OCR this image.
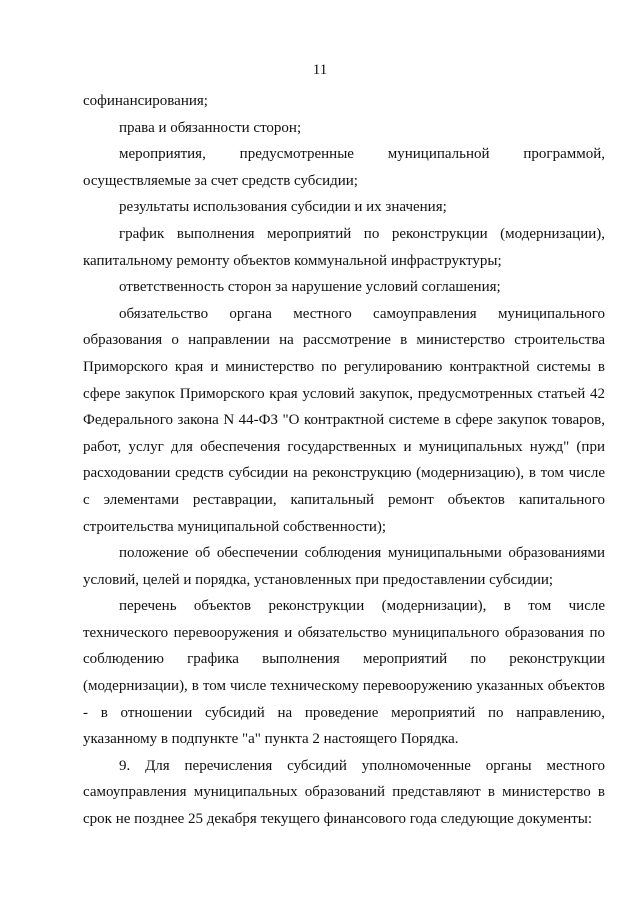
11

софинансирования;

права и обязанности сторон;

мероприятия, предусмотренные муниципальной программой, осуществляемые за счет средств субсидии;

результаты использования субсидии и их значения;

график выполнения мероприятий по реконструкции (модернизации), капитальному ремонту объектов коммунальной инфраструктуры;

ответственность сторон за нарушение условий соглашения;

обязательство органа местного самоуправления муниципального образования о направлении на рассмотрение в министерство строительства Приморского края и министерство по регулированию контрактной системы в сфере закупок Приморского края условий закупок, предусмотренных статьей 42 Федерального закона N 44-ФЗ "О контрактной системе в сфере закупок товаров, работ, услуг для обеспечения государственных и муниципальных нужд" (при расходовании средств субсидии на реконструкцию (модернизацию), в том числе с элементами реставрации, капитальный ремонт объектов капитального строительства муниципальной собственности);

положение об обеспечении соблюдения муниципальными образованиями условий, целей и порядка, установленных при предоставлении субсидии;

перечень объектов реконструкции (модернизации), в том числе технического перевооружения и обязательство муниципального образования по соблюдению графика выполнения мероприятий по реконструкции (модернизации), в том числе техническому перевооружению указанных объектов - в отношении субсидий на проведение мероприятий по направлению, указанному в подпункте "а" пункта 2 настоящего Порядка.

9. Для перечисления субсидий уполномоченные органы местного самоуправления муниципальных образований представляют в министерство в срок не позднее 25 декабря текущего финансового года следующие документы:
